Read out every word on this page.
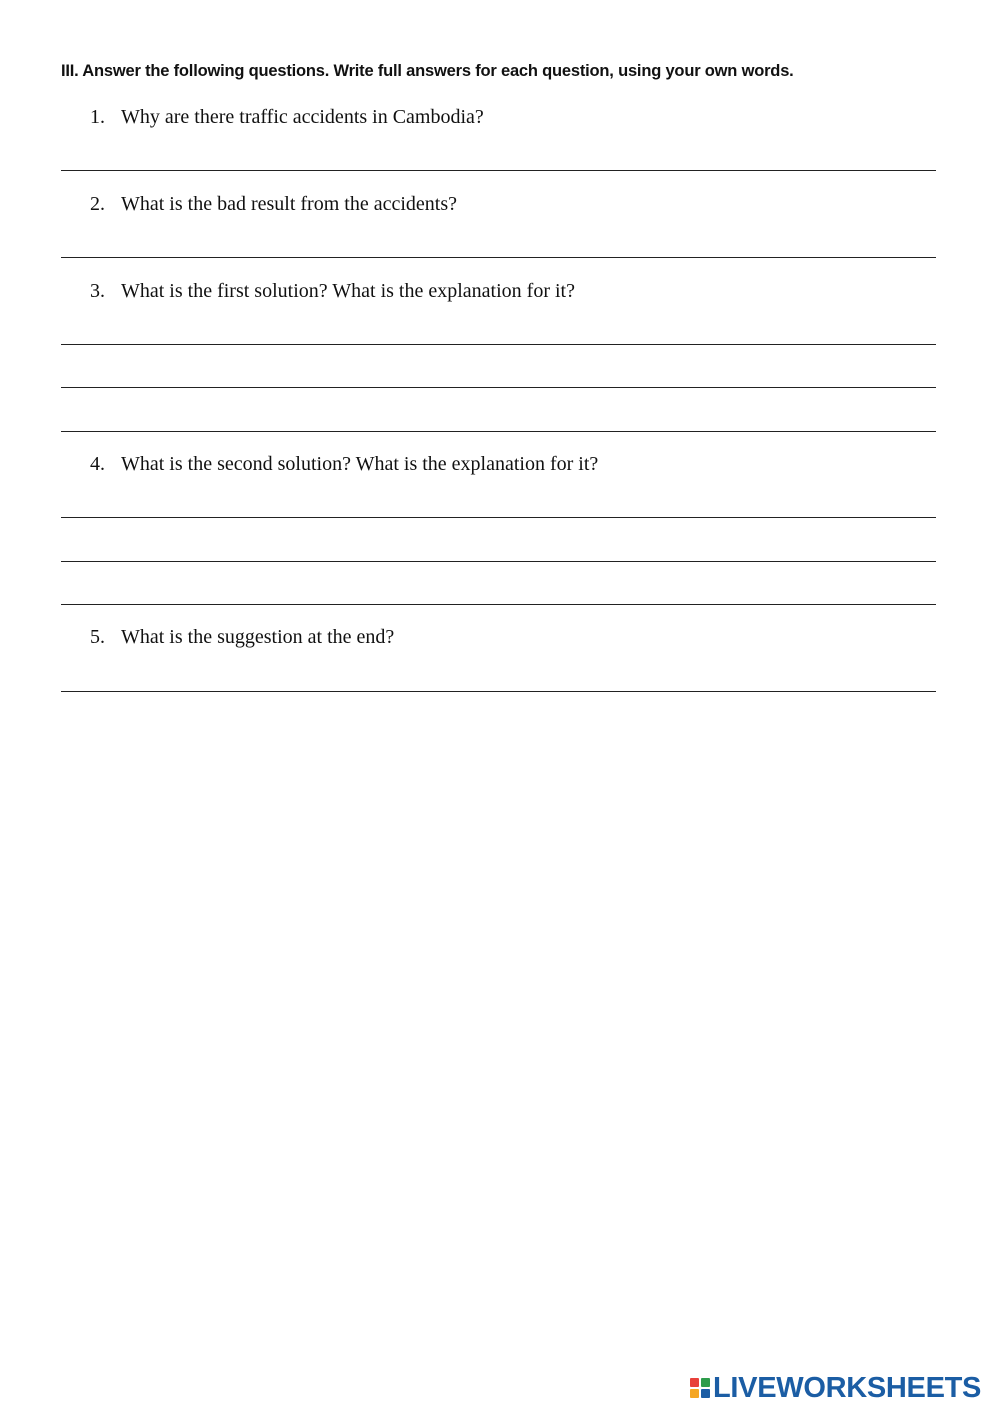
III. Answer the following questions. Write full answers for each question, using your own words.

1. Why are there traffic accidents in Cambodia?

2. What is the bad result from the accidents?

3. What is the first solution? What is the explanation for it?

4. What is the second solution? What is the explanation for it?

5. What is the suggestion at the end?

LIVEWORKSHEETS
